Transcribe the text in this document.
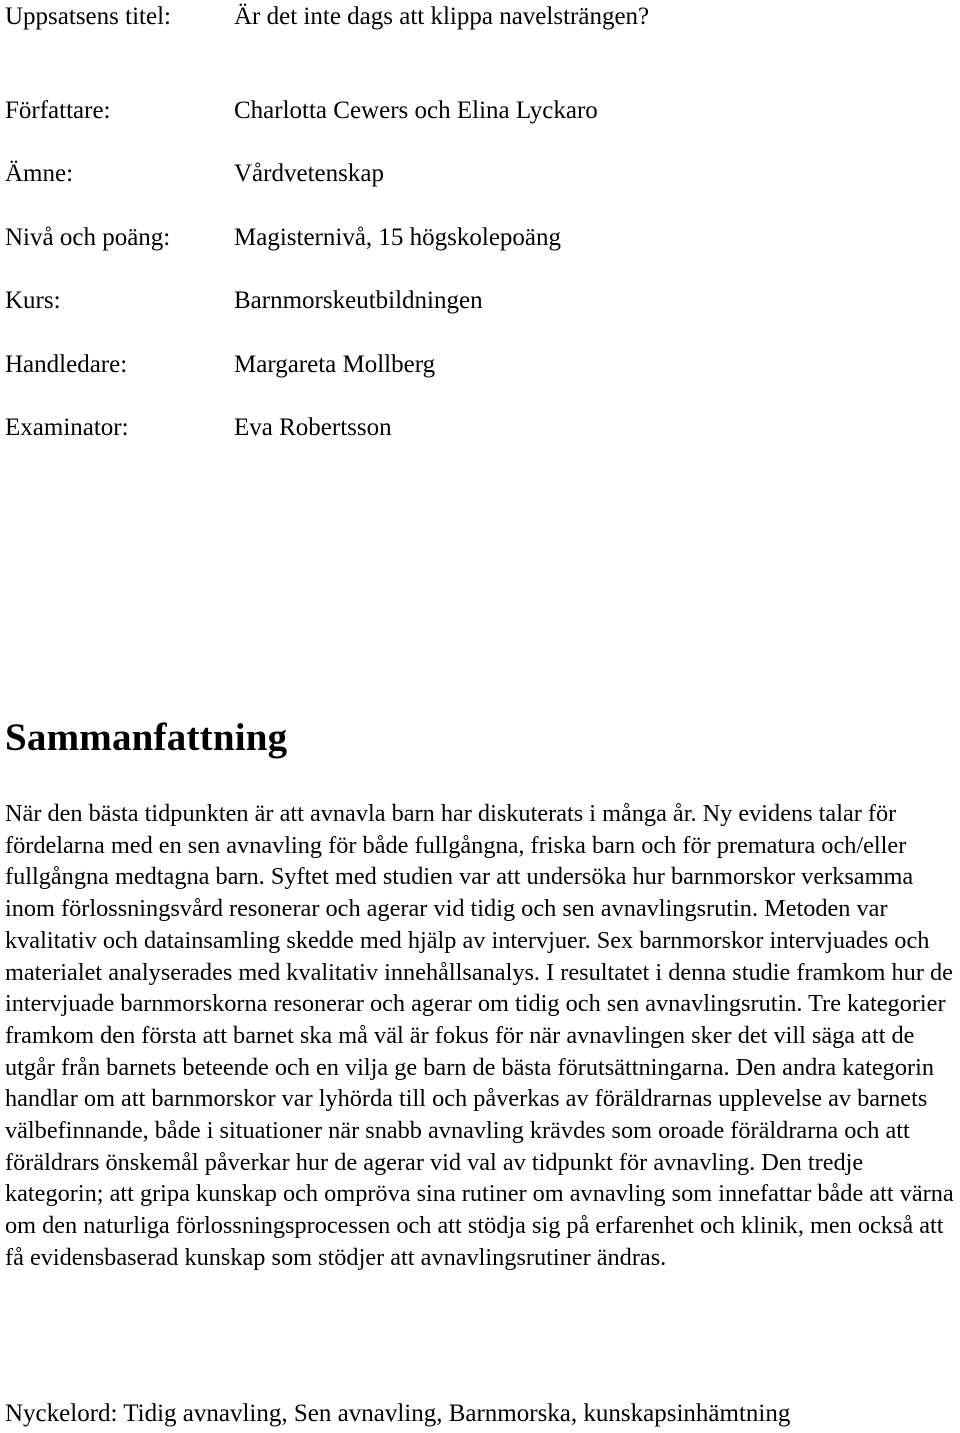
Uppsatsens titel:	Är det inte dags att klippa navelsträngen?
Författare:	Charlotta Cewers och Elina Lyckaro
Ämne:	Vårdvetenskap
Nivå och poäng:	Magisternivå, 15 högskolepoäng
Kurs:	Barnmorskeutbildningen
Handledare:	Margareta Mollberg
Examinator:	Eva Robertsson
Sammanfattning

När den bästa tidpunkten är att avnavla barn har diskuterats i många år. Ny evidens talar för fördelarna med en sen avnavling för både fullgångna, friska barn och för prematura och/eller fullgångna medtagna barn. Syftet med studien var att undersöka hur barnmorskor verksamma inom förlossningsvård resonerar och agerar vid tidig och sen avnavlingsrutin. Metoden var kvalitativ och datainsamling skedde med hjälp av intervjuer. Sex barnmorskor intervjuades och materialet analyserades med kvalitativ innehållsanalys. I resultatet i denna studie framkom hur de intervjuade barnmorskorna resonerar och agerar om tidig och sen avnavlingsrutin. Tre kategorier framkom den första att barnet ska må väl är fokus för när avnavlingen sker det vill säga att de utgår från barnets beteende och en vilja ge barn de bästa förutsättningarna. Den andra kategorin handlar om att barnmorskor var lyhörda till och påverkas av föräldrarnas upplevelse av barnets välbefinnande, både i situationer när snabb avnavling krävdes som oroade föräldrarna och att föräldrars önskemål påverkar hur de agerar vid val av tidpunkt för avnavling. Den tredje kategorin; att gripa kunskap och ompröva sina rutiner om avnavling som innefattar både att värna om den naturliga förlossningsprocessen och att stödja sig på erfarenhet och klinik, men också att få evidensbaserad kunskap som stödjer att avnavlingsrutiner ändras.

Nyckelord: Tidig avnavling, Sen avnavling, Barnmorska, kunskapsinhämtning
